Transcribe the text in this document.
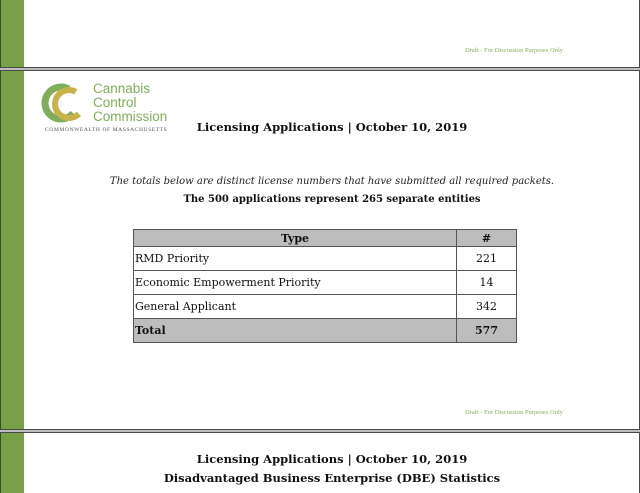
Draft - For Discussion Purposes Only
Cannabis
Control
Commission
COMMONWEALTH OF MASSACHUSETTS	Licensing Applications | October 10, 2019
The totals below are distinct license numbers that have submitted all required packets.
The 500 applications represent 265 separate entities
Type	#
RMD Priority	221
Economic Empowerment Priority	14
General Applicant	342
Total	577
Draft - For Discussion Purposes Only
Licensing Applications | October 10, 2019
Disadvantaged Business Enterprise (DBE) Statistics
